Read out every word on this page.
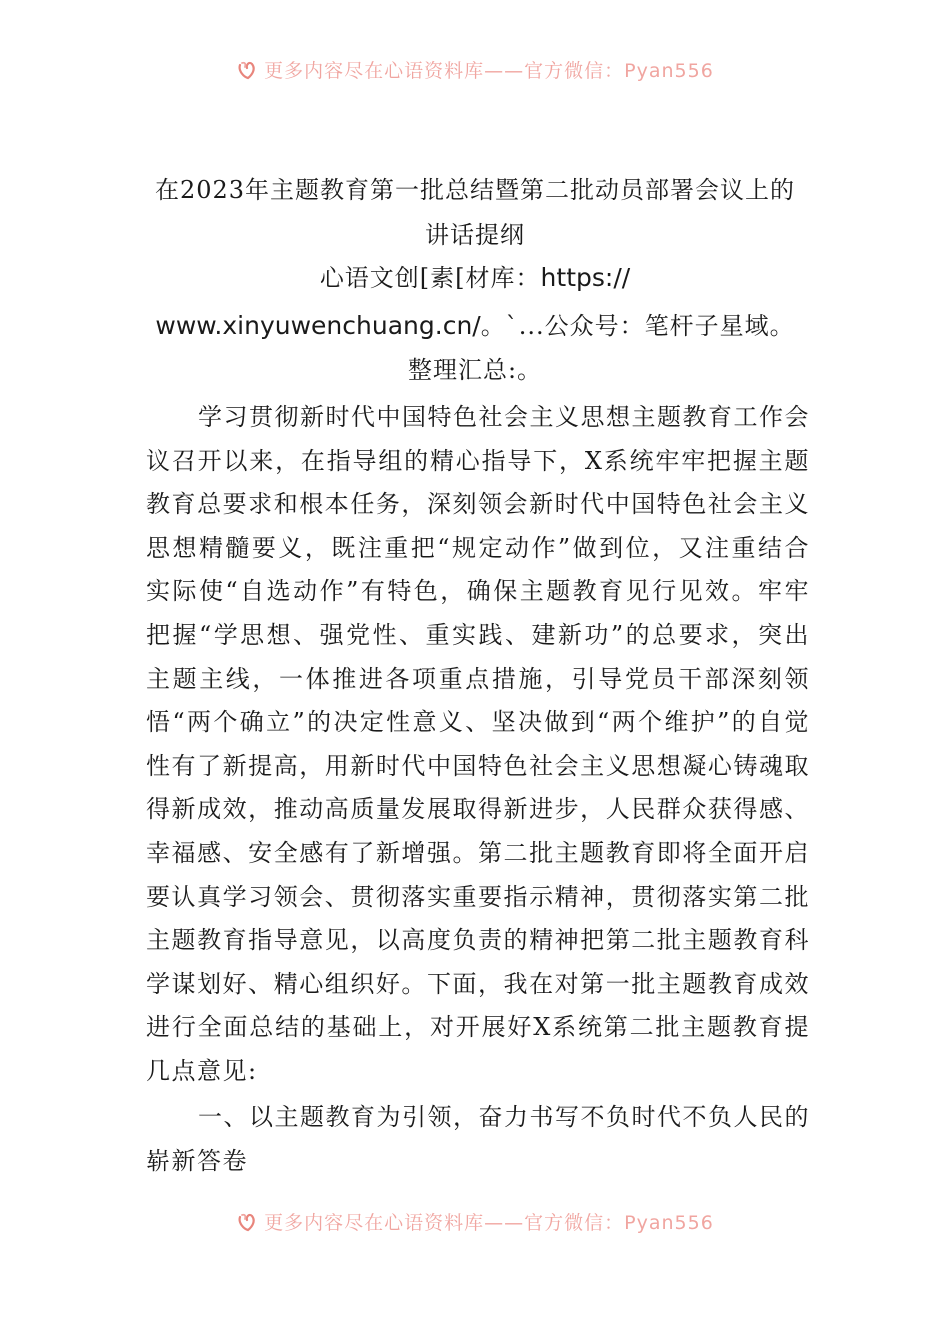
更多内容尽在心语资料库——官方微信：Pyan556
在2023年主题教育第一批总结暨第二批动员部署会议上的
讲话提纲
心语文创[素[材库：https://
www.xinyuwenchuang.cn/。`...公众号：笔杆子星域。
整理汇总:。

学习贯彻新时代中国特色社会主义思想主题教育工作会议召开以来，在指导组的精心指导下，X系统牢牢把握主题教育总要求和根本任务，深刻领会新时代中国特色社会主义思想精髓要义，既注重把“规定动作”做到位，又注重结合实际使“自选动作”有特色，确保主题教育见行见效。牢牢把握“学思想、强党性、重实践、建新功”的总要求，突出主题主线，一体推进各项重点措施，引导党员干部深刻领悟“两个确立”的决定性意义、坚决做到“两个维护”的自觉性有了新提高，用新时代中国特色社会主义思想凝心铸魂取得新成效，推动高质量发展取得新进步，人民群众获得感、幸福感、安全感有了新增强。第二批主题教育即将全面开启要认真学习领会、贯彻落实重要指示精神，贯彻落实第二批主题教育指导意见，以高度负责的精神把第二批主题教育科学谋划好、精心组织好。下面，我在对第一批主题教育成效进行全面总结的基础上，对开展好X系统第二批主题教育提几点意见:

一、以主题教育为引领，奋力书写不负时代不负人民的崭新答卷

更多内容尽在心语资料库——官方微信：Pyan556
